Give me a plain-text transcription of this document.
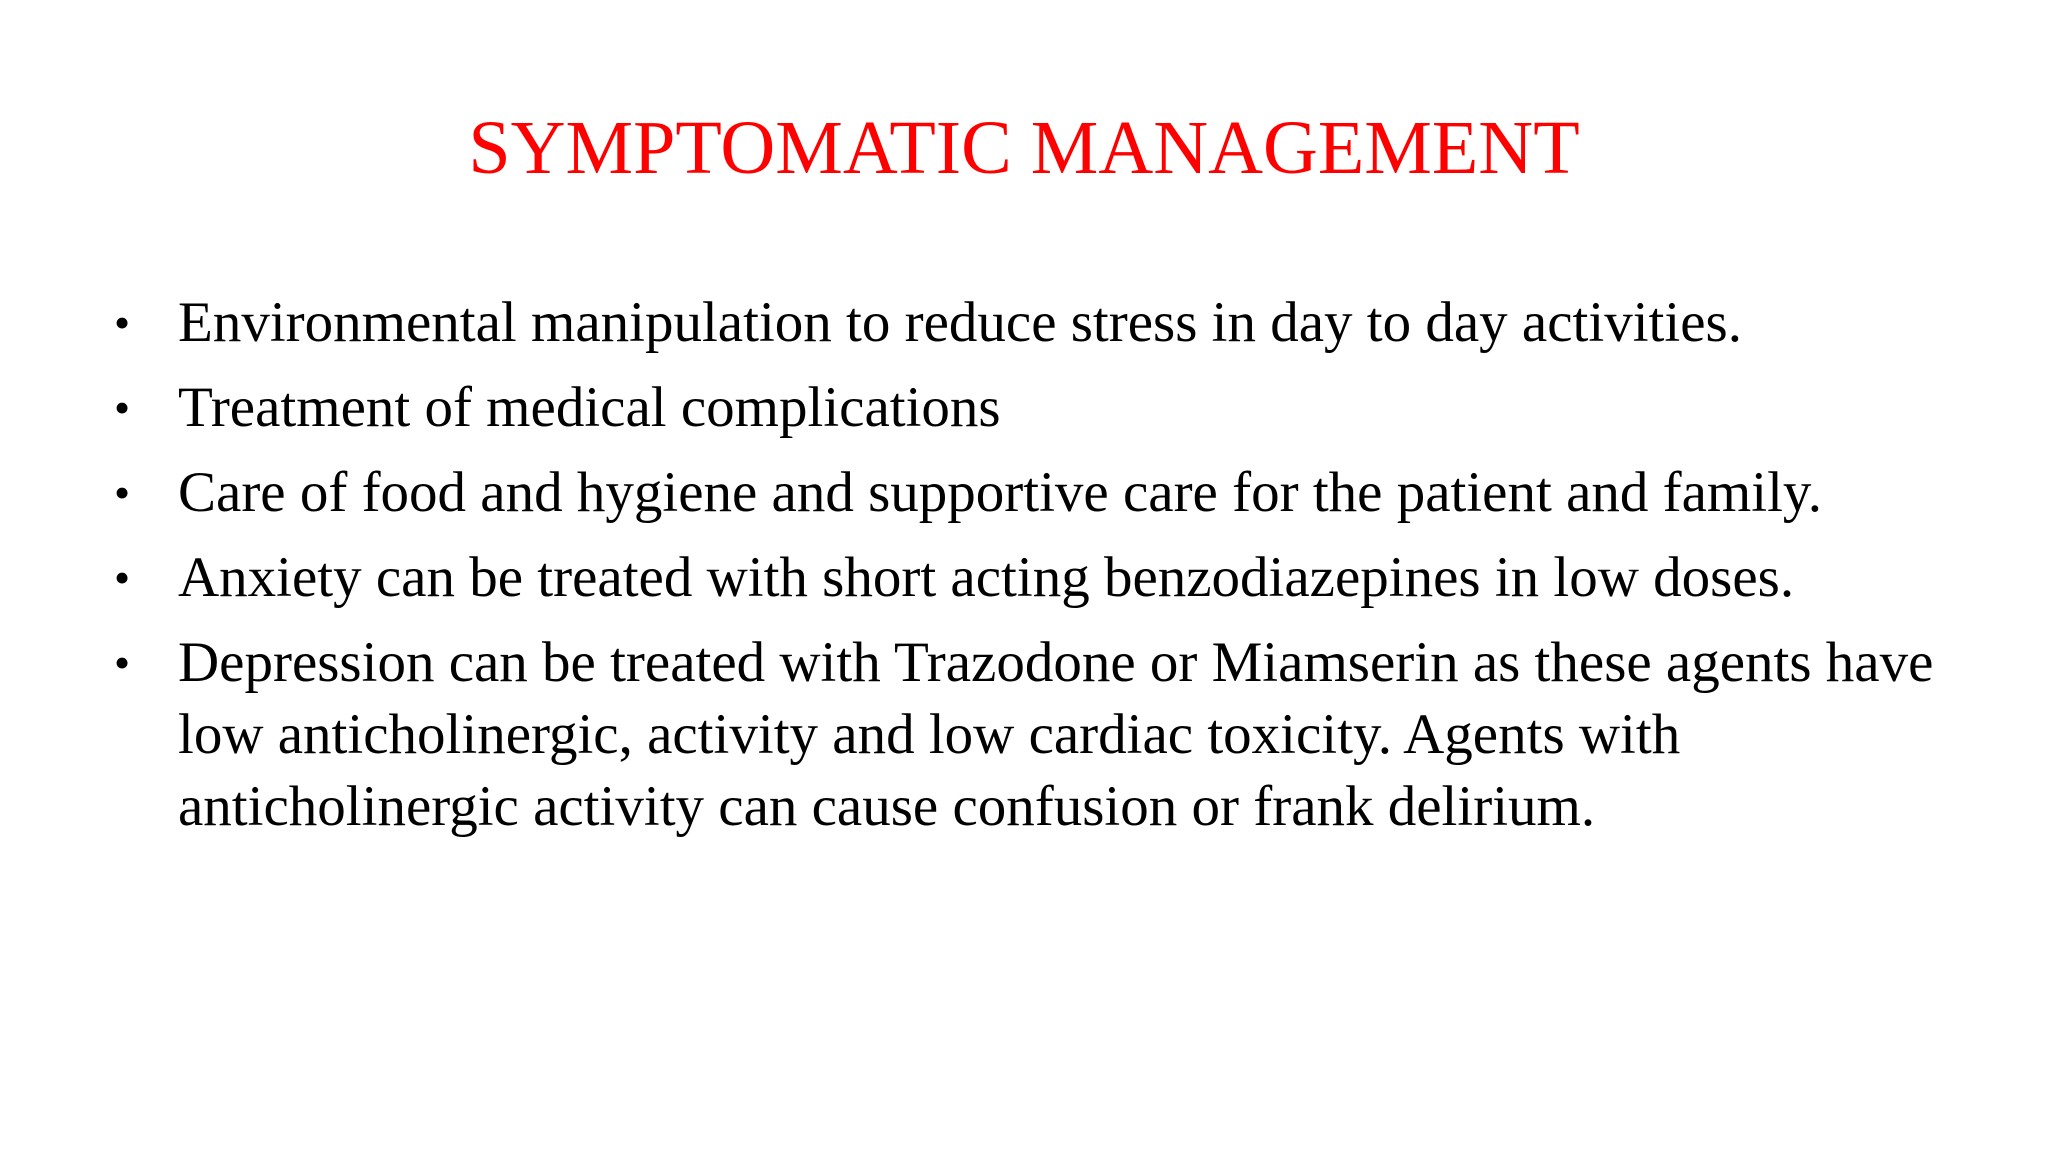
SYMPTOMATIC MANAGEMENT
• Environmental manipulation to reduce stress in day to day activities.
• Treatment of medical complications
• Care of food and hygiene and supportive care for the patient and family.
• Anxiety can be treated with short acting benzodiazepines in low doses.
• Depression can be treated with Trazodone or Miamserin as these agents have low anticholinergic, activity and low cardiac toxicity. Agents with anticholinergic activity can cause confusion or frank delirium.
